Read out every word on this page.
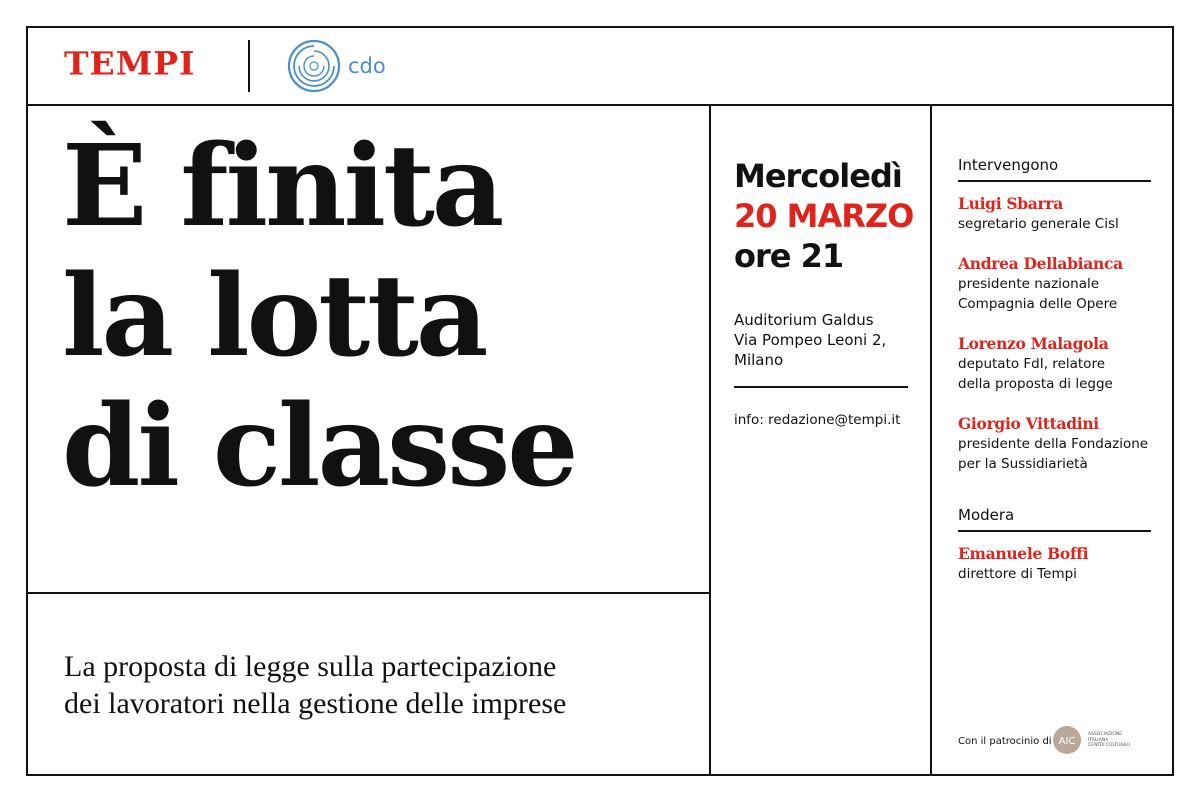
TEMPI	cdo
È finita
la lotta
di classe
La proposta di legge sulla partecipazione
dei lavoratori nella gestione delle imprese
Mercoledì
20 MARZO
ore 21
Auditorium Galdus
Via Pompeo Leoni 2,
Milano
info: redazione@tempi.it
Intervengono
Luigi Sbarra
segretario generale Cisl
Andrea Dellabianca
presidente nazionale
Compagnia delle Opere
Lorenzo Malagola
deputato FdI, relatore
della proposta di legge
Giorgio Vittadini
presidente della Fondazione
per la Sussidiarietà
Modera
Emanuele Boffi
direttore di Tempi
Con il patrocinio di AIC
ASSOCIAZIONE
ITALIANA
CENTRI CULTURALI
